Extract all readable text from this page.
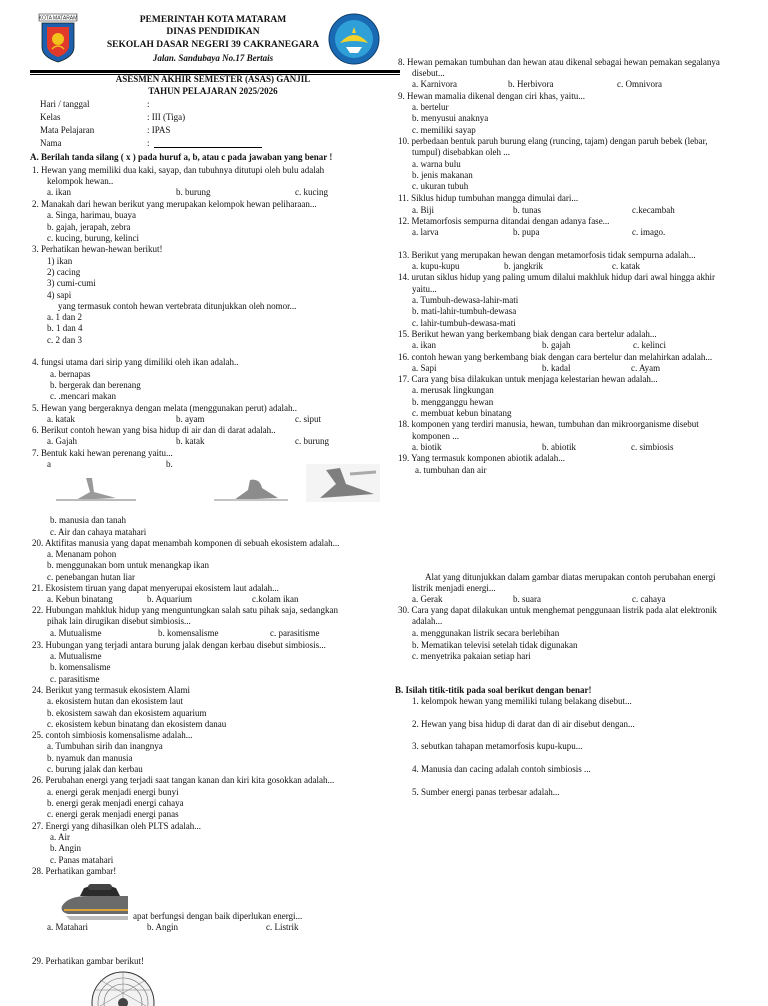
KOTA MATARAM	PEMERINTAH KOTA MATARAM
DINAS PENDIDIKAN
SEKOLAH DASAR NEGERI 39 CAKRANEGARA
Jalan. Sandubaya No.17 Bertais
ASESMEN AKHIR SEMESTER (ASAS) GANJIL
TAHUN PELAJARAN 2025/2026
Hari / tanggal	:
Kelas	: III (Tiga)
Mata Pelajaran	: IPAS
Nama	:
A. Berilah tanda silang ( x ) pada huruf a, b, atau c pada jawaban yang benar !
1. Hewan yang memiliki dua kaki, sayap, dan tubuhnya ditutupi oleh bulu adalah
kelompok hewan..
a. ikan	b. burung	c. kucing
2. Manakah dari hewan berikut yang merupakan kelompok hewan peliharaan...
a. Singa, harimau, buaya
b. gajah, jerapah, zebra
c. kucing, burung, kelinci
3. Perhatikan hewan-hewan berikut!
1) ikan
2) cacing
3) cumi-cumi
4) sapi
yang termasuk contoh hewan vertebrata ditunjukkan oleh nomor...
a. 1 dan 2
b. 1 dan 4
c. 2 dan 3
4. fungsi utama dari sirip yang dimiliki oleh ikan adalah..
a. bernapas
b. bergerak dan berenang
c. .mencari makan
5. Hewan yang bergeraknya dengan melata (menggunakan perut) adalah..
a. katak	b. ayam	c. siput
6. Berikut contoh hewan yang bisa hidup di air dan di darat adalah..
a. Gajah	b. katak	c. burung
7. Bentuk kaki hewan perenang yaitu...
a	b.
b. manusia dan tanah
c. Air dan cahaya matahari
20. Aktifitas manusia yang dapat menambah komponen di sebuah ekosistem adalah...
a. Menanam pohon
b. menggunakan bom untuk menangkap ikan
c. penebangan hutan liar
21. Ekosistem tiruan yang dapat menyerupai ekosistem laut adalah...
a. Kebun binatang	b. Aquarium	c.kolam ikan
22. Hubungan mahkluk hidup yang menguntungkan salah satu pihak saja, sedangkan
pihak lain dirugikan disebut simbiosis...
a. Mutualisme	b. komensalisme	c. parasitisme
23. Hubungan yang terjadi antara burung jalak dengan kerbau disebut simbiosis...
a. Mutualisme
b. komensalisme
c. parasitisme
24. Berikut yang termasuk ekosistem Alami
a. ekosistem hutan dan ekosistem laut
b. ekosistem sawah dan ekosistem aquarium
c. ekosistem kebun binatang dan ekosistem danau
25. contoh simbiosis komensalisme adalah...
a. Tumbuhan sirih dan inangnya
b. nyamuk dan manusia
c. burung jalak dan kerbau
26. Perubahan energi yang terjadi saat tangan kanan dan kiri kita gosokkan adalah...
a. energi gerak menjadi energi bunyi
b. energi gerak menjadi energi cahaya
c. energi gerak menjadi energi panas
27. Energi yang dihasilkan oleh PLTS adalah...
a. Air
b. Angin
c. Panas matahari
28. Perhatikan gambar!
apat berfungsi dengan baik diperlukan energi...
a. Matahari	b. Angin	c. Listrik
29. Perhatikan gambar berikut!
8. Hewan pemakan tumbuhan dan hewan atau dikenal sebagai hewan pemakan segalanya
disebut...
a. Karnivora	b. Herbivora	c. Omnivora
9. Hewan mamalia dikenal dengan ciri khas, yaitu...
a. bertelur
b. menyusui anaknya
c. memiliki sayap
10. perbedaan bentuk paruh burung elang (runcing, tajam) dengan paruh bebek (lebar,
tumpul) disebabkan oleh ...
a. warna bulu
b. jenis makanan
c. ukuran tubuh
11. Siklus hidup tumbuhan mangga dimulai dari...
a. Biji	b. tunas	c.kecambah
12. Metamorfosis sempurna ditandai dengan adanya fase...
a. larva	b. pupa	c. imago.
13. Berikut yang merupakan hewan dengan metamorfosis tidak sempurna adalah...
a. kupu-kupu	b. jangkrik	c. katak
14. urutan siklus hidup yang paling umum dilalui makhluk hidup dari awal hingga akhir
yaitu...
a. Tumbuh-dewasa-lahir-mati
b. mati-lahir-tumbuh-dewasa
c. lahir-tumbuh-dewasa-mati
15. Berikut hewan yang berkembang biak dengan cara bertelur adalah...
a. ikan	b. gajah	c. kelinci
16. contoh hewan yang berkembang biak dengan cara bertelur dan melahirkan adalah...
a. Sapi	b. kadal	c. Ayam
17. Cara yang bisa dilakukan untuk menjaga kelestarian hewan adalah...
a. merusak lingkungan
b. mengganggu hewan
c. membuat kebun binatang
18. komponen yang terdiri manusia, hewan, tumbuhan dan mikroorganisme disebut
komponen ...
a. biotik	b. abiotik	c. simbiosis
19. Yang termasuk komponen abiotik adalah...
a. tumbuhan dan air
Alat yang ditunjukkan dalam gambar diatas merupakan contoh perubahan energi
listrik menjadi energi...
a. Gerak	b. suara	c. cahaya
30. Cara yang dapat dilakukan untuk menghemat penggunaan listrik pada alat elektronik
adalah...
a. menggunakan listrik secara berlebihan
b. Mematikan televisi setelah tidak digunakan
c. menyetrika pakaian setiap hari
B. Isilah titik-titik pada soal berikut dengan benar!
1. kelompok hewan yang memiliki tulang belakang disebut...
2. Hewan yang bisa hidup di darat dan di air disebut dengan...
3. sebutkan tahapan metamorfosis kupu-kupu...
4. Manusia dan cacing adalah contoh simbiosis ...
5. Sumber energi panas terbesar adalah...
